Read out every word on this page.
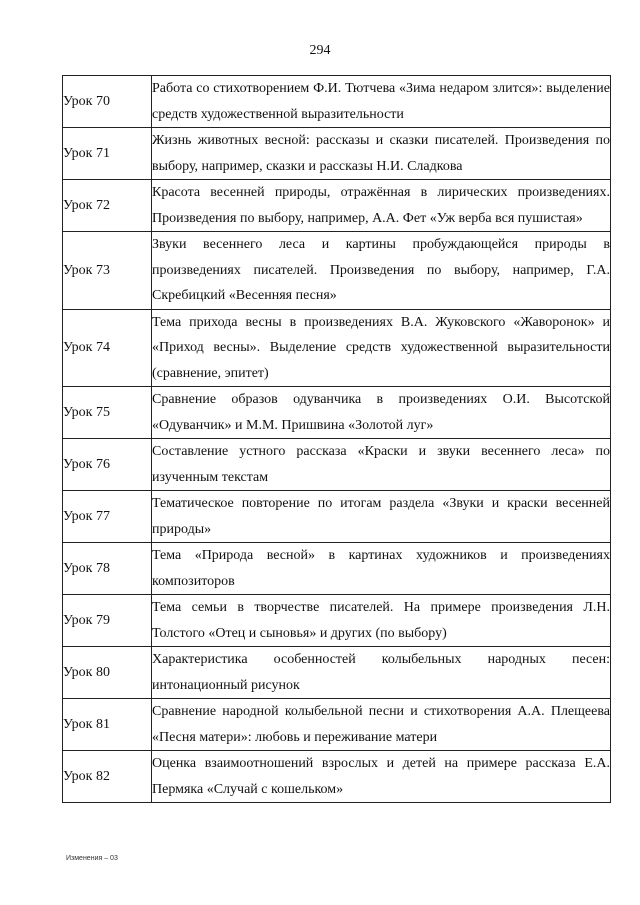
294
Урок 70	Работа со стихотворением Ф.И. Тютчева «Зима недаром злится»: выделение средств художественной выразительности

Урок 71	Жизнь животных весной: рассказы и сказки писателей. Произведения по выбору, например, сказки и рассказы Н.И. Сладкова

Урок 72	Красота весенней природы, отражённая в лирических произведениях. Произведения по выбору, например, А.А. Фет «Уж верба вся пушистая»

Урок 73	Звуки весеннего леса и картины пробуждающейся природы в произведениях писателей. Произведения по выбору, например, Г.А. Скребицкий «Весенняя песня»

Урок 74	Тема прихода весны в произведениях В.А. Жуковского «Жаворонок» и «Приход весны». Выделение средств художественной выразительности (сравнение, эпитет)

Урок 75	Сравнение образов одуванчика в произведениях О.И. Высотской «Одуванчик» и М.М. Пришвина «Золотой луг»

Урок 76	Составление устного рассказа «Краски и звуки весеннего леса» по изученным текстам

Урок 77	Тематическое повторение по итогам раздела «Звуки и краски весенней природы»

Урок 78	Тема «Природа весной» в картинах художников и произведениях композиторов

Урок 79	Тема семьи в творчестве писателей. На примере произведения Л.Н. Толстого «Отец и сыновья» и других (по выбору)

Урок 80	Характеристика особенностей колыбельных народных песен: интонационный рисунок

Урок 81	Сравнение народной колыбельной песни и стихотворения А.А. Плещеева «Песня матери»: любовь и переживание матери

Урок 82	Оценка взаимоотношений взрослых и детей на примере рассказа Е.А. Пермяка «Случай с кошельком»
Изменения – 03
